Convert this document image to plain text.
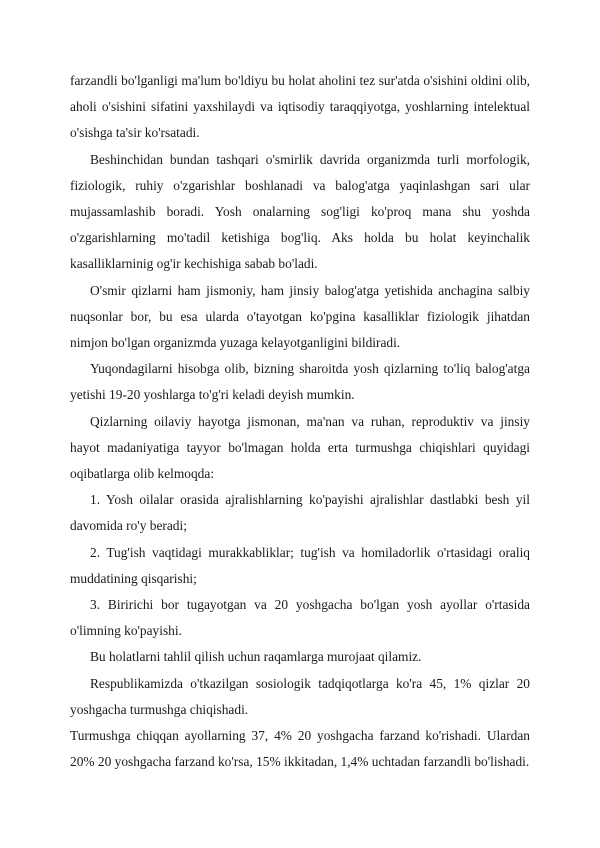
farzandli bo'lganligi ma'lum bo'ldiyu bu holat aholini tez sur'atda o'sishini oldini olib, aholi o'sishini sifatini yaxshilaydi va iqtisodiy taraqqiyotga, yoshlarning intelektual o'sishga ta'sir ko'rsatadi.

Beshinchidan bundan tashqari o'smirlik davrida organizmda turli morfologik, fiziologik, ruhiy o'zgarishlar boshlanadi va balog'atga yaqinlashgan sari ular mujassamlashib boradi. Yosh onalarning sog'ligi ko'proq mana shu yoshda o'zgarishlarning mo'tadil ketishiga bog'liq. Aks holda bu holat keyinchalik kasalliklarninig og'ir kechishiga sabab bo'ladi.

O'smir qizlarni ham jismoniy, ham jinsiy balog'atga yetishida anchagina salbiy nuqsonlar bor, bu esa ularda o'tayotgan ko'pgina kasalliklar fiziologik jihatdan nimjon bo'lgan organizmda yuzaga kelayotganligini bildiradi.

Yuqondagilarni hisobga olib, bizning sharoitda yosh qizlarning to'liq balog'atga yetishi 19-20 yoshlarga to'g'ri keladi deyish mumkin.

Qizlarning oilaviy hayotga jismonan, ma'nan va ruhan, reproduktiv va jinsiy hayot madaniyatiga tayyor bo'lmagan holda erta turmushga chiqishlari quyidagi oqibatlarga olib kelmoqda:

1. Yosh oilalar orasida ajralishlarning ko'payishi ajralishlar dastlabki besh yil davomida ro'y beradi;

2. Tug'ish vaqtidagi murakkabliklar; tug'ish va homiladorlik o'rtasidagi oraliq muddatining qisqarishi;

3. Biririchi bor tugayotgan va 20 yoshgacha bo'lgan yosh ayollar o'rtasida o'limning ko'payishi.

Bu holatlarni tahlil qilish uchun raqamlarga murojaat qilamiz.

Respublikamizda o'tkazilgan sosiologik tadqiqotlarga ko'ra 45, 1% qizlar 20 yoshgacha turmushga chiqishadi.

Turmushga chiqqan ayollarning 37, 4% 20 yoshgacha farzand ko'rishadi. Ulardan 20% 20 yoshgacha farzand ko'rsa, 15% ikkitadan, 1,4% uchtadan farzandli bo'lishadi.
